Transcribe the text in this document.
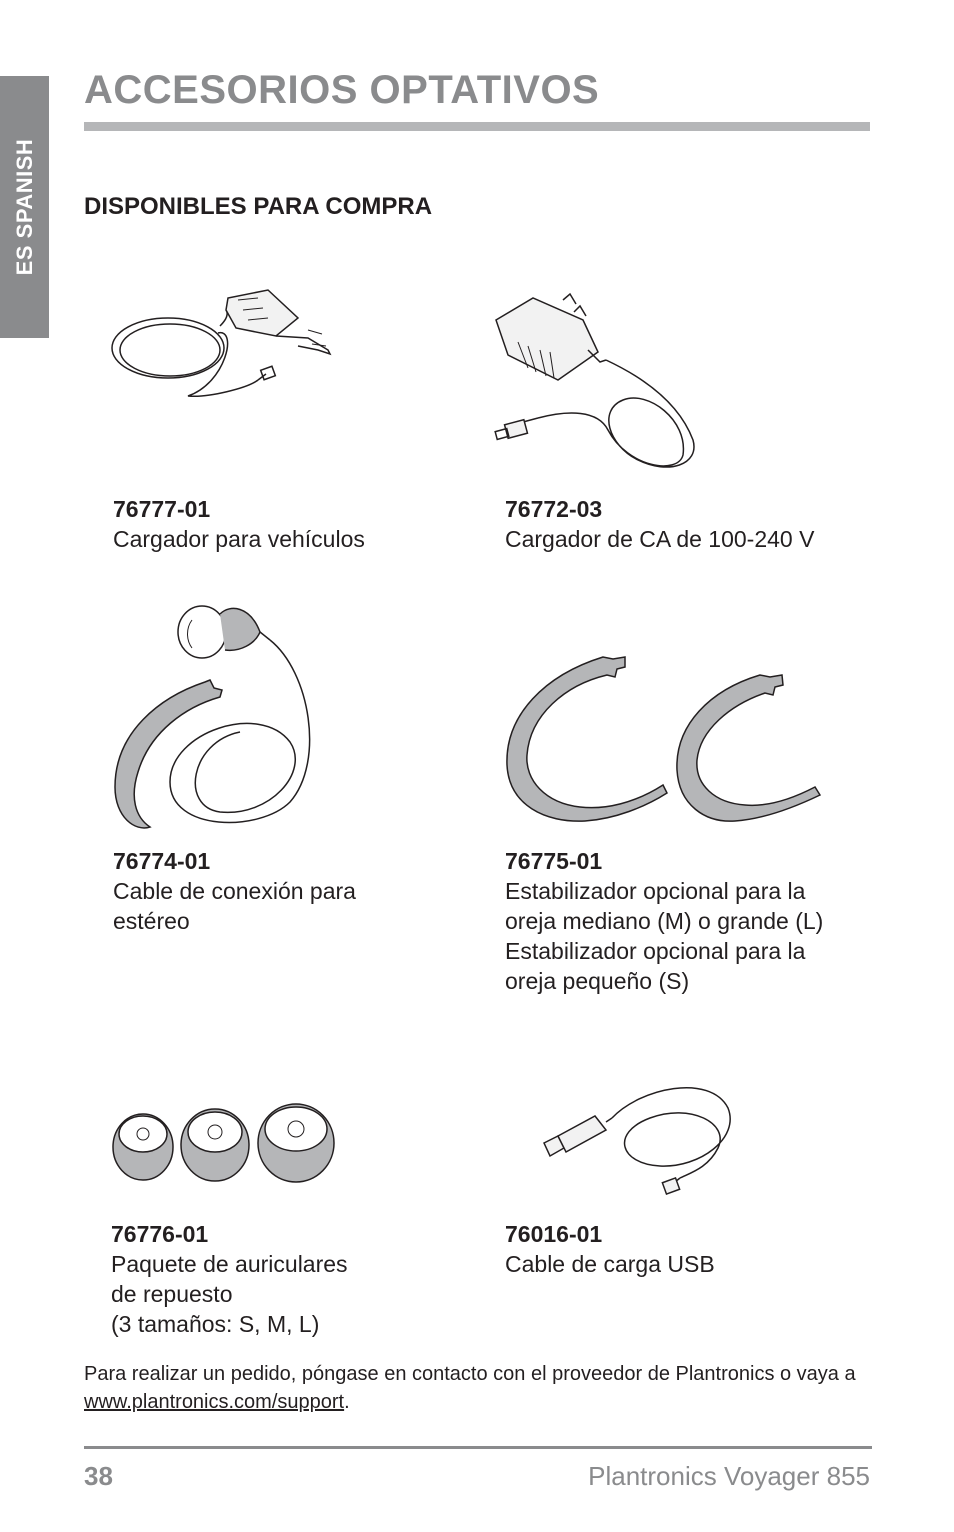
ES SPANISH
ACCESORIOS OPTATIVOS
DISPONIBLES PARA COMPRA
76777-01
Cargador para vehículos
76772-03
Cargador de CA de 100-240 V
76774-01
Cable de conexión para
estéreo
76775-01
Estabilizador opcional para la
oreja mediano (M) o grande (L)
Estabilizador opcional para la
oreja pequeño (S)
76776-01
Paquete de auriculares
de repuesto
(3 tamaños: S, M, L)
76016-01
Cable de carga USB
Para realizar un pedido, póngase en contacto con el proveedor de Plantronics o vaya a www.plantronics.com/support.
38	Plantronics Voyager 855
